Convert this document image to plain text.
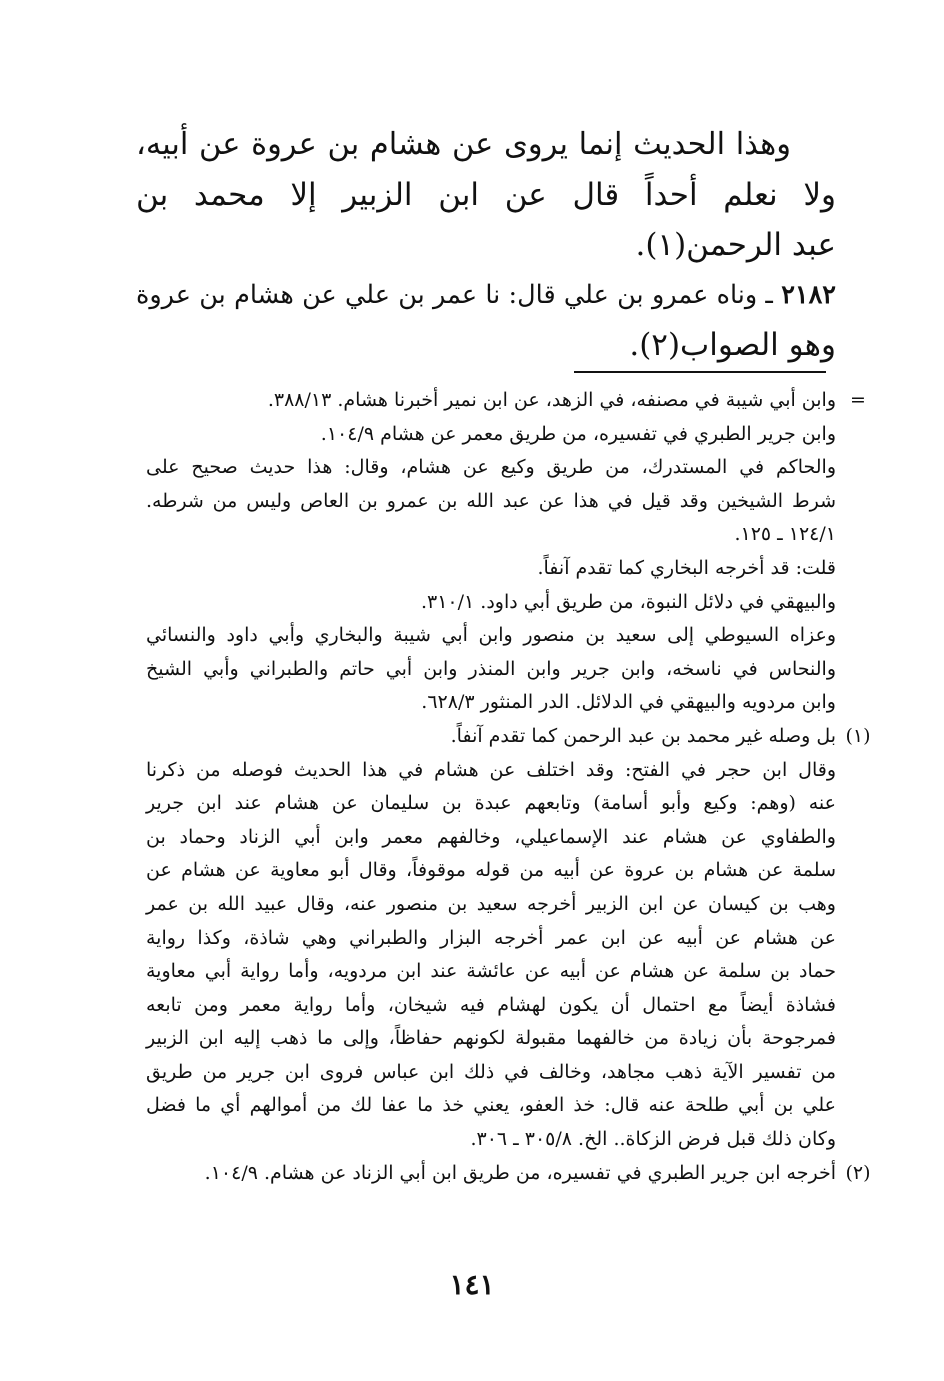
وهذا الحديث إنما يروى عن هشام بن عروة عن أبيه،
ولا نعلم أحداً قال عن ابن الزبير إلا محمد بن
عبد الرحمن(١).
٢١٨٢ ـ وناه عمرو بن علي قال: نا عمر بن علي عن هشام بن عروة
وهو الصواب(٢).
=
وابن أبي شيبة في مصنفه، في الزهد، عن ابن نمير أخبرنا هشام. ٣٨٨/١٣.
وابن جرير الطبري في تفسيره، من طريق معمر عن هشام ١٠٤/٩.
والحاكم في المستدرك، من طريق وكيع عن هشام، وقال: هذا حديث صحيح على
شرط الشيخين وقد قيل في هذا عن عبد الله بن عمرو بن العاص وليس من شرطه.
١٢٤/١ ـ ١٢٥.
قلت: قد أخرجه البخاري كما تقدم آنفاً.
والبيهقي في دلائل النبوة، من طريق أبي داود. ٣١٠/١.
وعزاه السيوطي إلى سعيد بن منصور وابن أبي شيبة والبخاري وأبي داود والنسائي
والنحاس في ناسخه، وابن جرير وابن المنذر وابن أبي حاتم والطبراني وأبي الشيخ
وابن مردويه والبيهقي في الدلائل. الدر المنثور ٦٢٨/٣.
(١)
بل وصله غير محمد بن عبد الرحمن كما تقدم آنفاً.
وقال ابن حجر في الفتح: وقد اختلف عن هشام في هذا الحديث فوصله من ذكرنا
عنه (وهم: وكيع وأبو أسامة) وتابعهم عبدة بن سليمان عن هشام عند ابن جرير
والطفاوي عن هشام عند الإسماعيلي، وخالفهم معمر وابن أبي الزناد وحماد بن
سلمة عن هشام بن عروة عن أبيه من قوله موقوفاً، وقال أبو معاوية عن هشام عن
وهب بن كيسان عن ابن الزبير أخرجه سعيد بن منصور عنه، وقال عبيد الله بن عمر
عن هشام عن أبيه عن ابن عمر أخرجه البزار والطبراني وهي شاذة، وكذا رواية
حماد بن سلمة عن هشام عن أبيه عن عائشة عند ابن مردويه، وأما رواية أبي معاوية
فشاذة أيضاً مع احتمال أن يكون لهشام فيه شيخان، وأما رواية معمر ومن تابعه
فمرجوحة بأن زيادة من خالفهما مقبولة لكونهم حفاظاً، وإلى ما ذهب إليه ابن الزبير
من تفسير الآية ذهب مجاهد، وخالف في ذلك ابن عباس فروى ابن جرير من طريق
علي بن أبي طلحة عنه قال: خذ العفو، يعني خذ ما عفا لك من أموالهم أي ما فضل
وكان ذلك قبل فرض الزكاة.. الخ. ٣٠٥/٨ ـ ٣٠٦.
(٢)
أخرجه ابن جرير الطبري في تفسيره، من طريق ابن أبي الزناد عن هشام. ١٠٤/٩.
١٤١
